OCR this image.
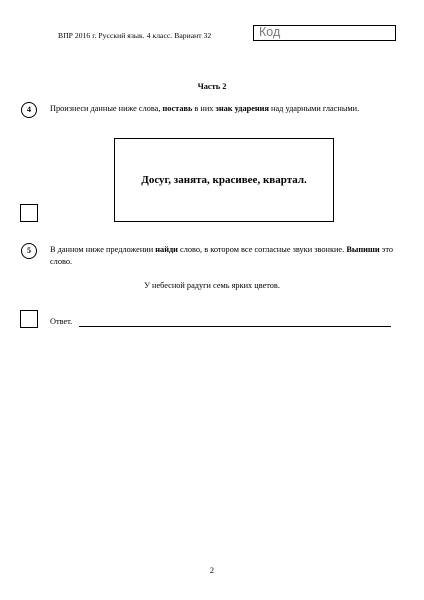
ВПР 2016 г. Русский язык. 4 класс. Вариант 32	Код
Часть 2
4	Произнеси данные ниже слова, поставь в них знак ударения над ударными гласными.
Досуг, занята, красивее, квартал.
5	В данном ниже предложении найди слово, в котором все согласные звуки звонкие. Выпиши это слово.
У небесной радуги семь ярких цветов.
Ответ.
2
